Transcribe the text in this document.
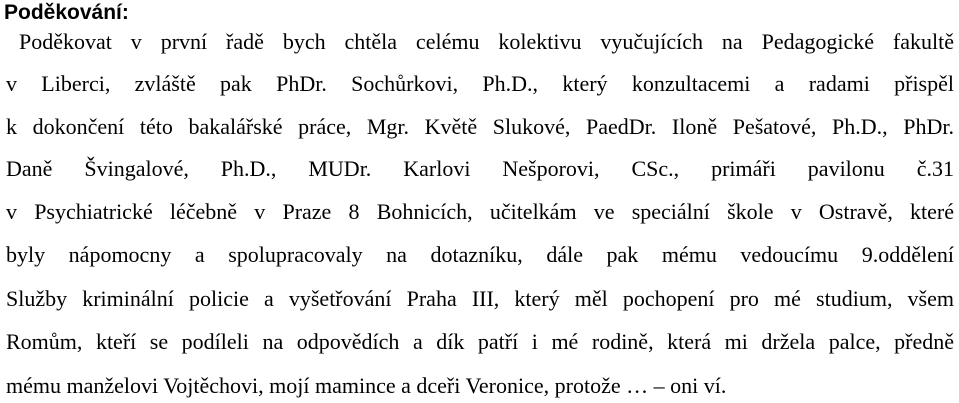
Poděkování:
Poděkovat v první řadě bych chtěla celému kolektivu vyučujících na Pedagogické fakultě
v Liberci, zvláště pak PhDr. Sochůrkovi, Ph.D., který konzultacemi a radami přispěl
k dokončení této bakalářské práce, Mgr. Květě Slukové, PaedDr. Iloně Pešatové, Ph.D., PhDr.
Daně Švingalové, Ph.D., MUDr. Karlovi Nešporovi, CSc., primáři pavilonu č.31
v Psychiatrické léčebně v Praze 8 Bohnicích, učitelkám ve speciální škole v Ostravě, které
byly nápomocny a spolupracovaly na dotazníku, dále pak mému vedoucímu 9.oddělení
Služby kriminální policie a vyšetřování Praha III, který měl pochopení pro mé studium, všem
Romům, kteří se podíleli na odpovědích a dík patří i mé rodině, která mi držela palce, předně
mému manželovi Vojtěchovi, mojí mamince a dceři Veronice, protože … – oni ví.
